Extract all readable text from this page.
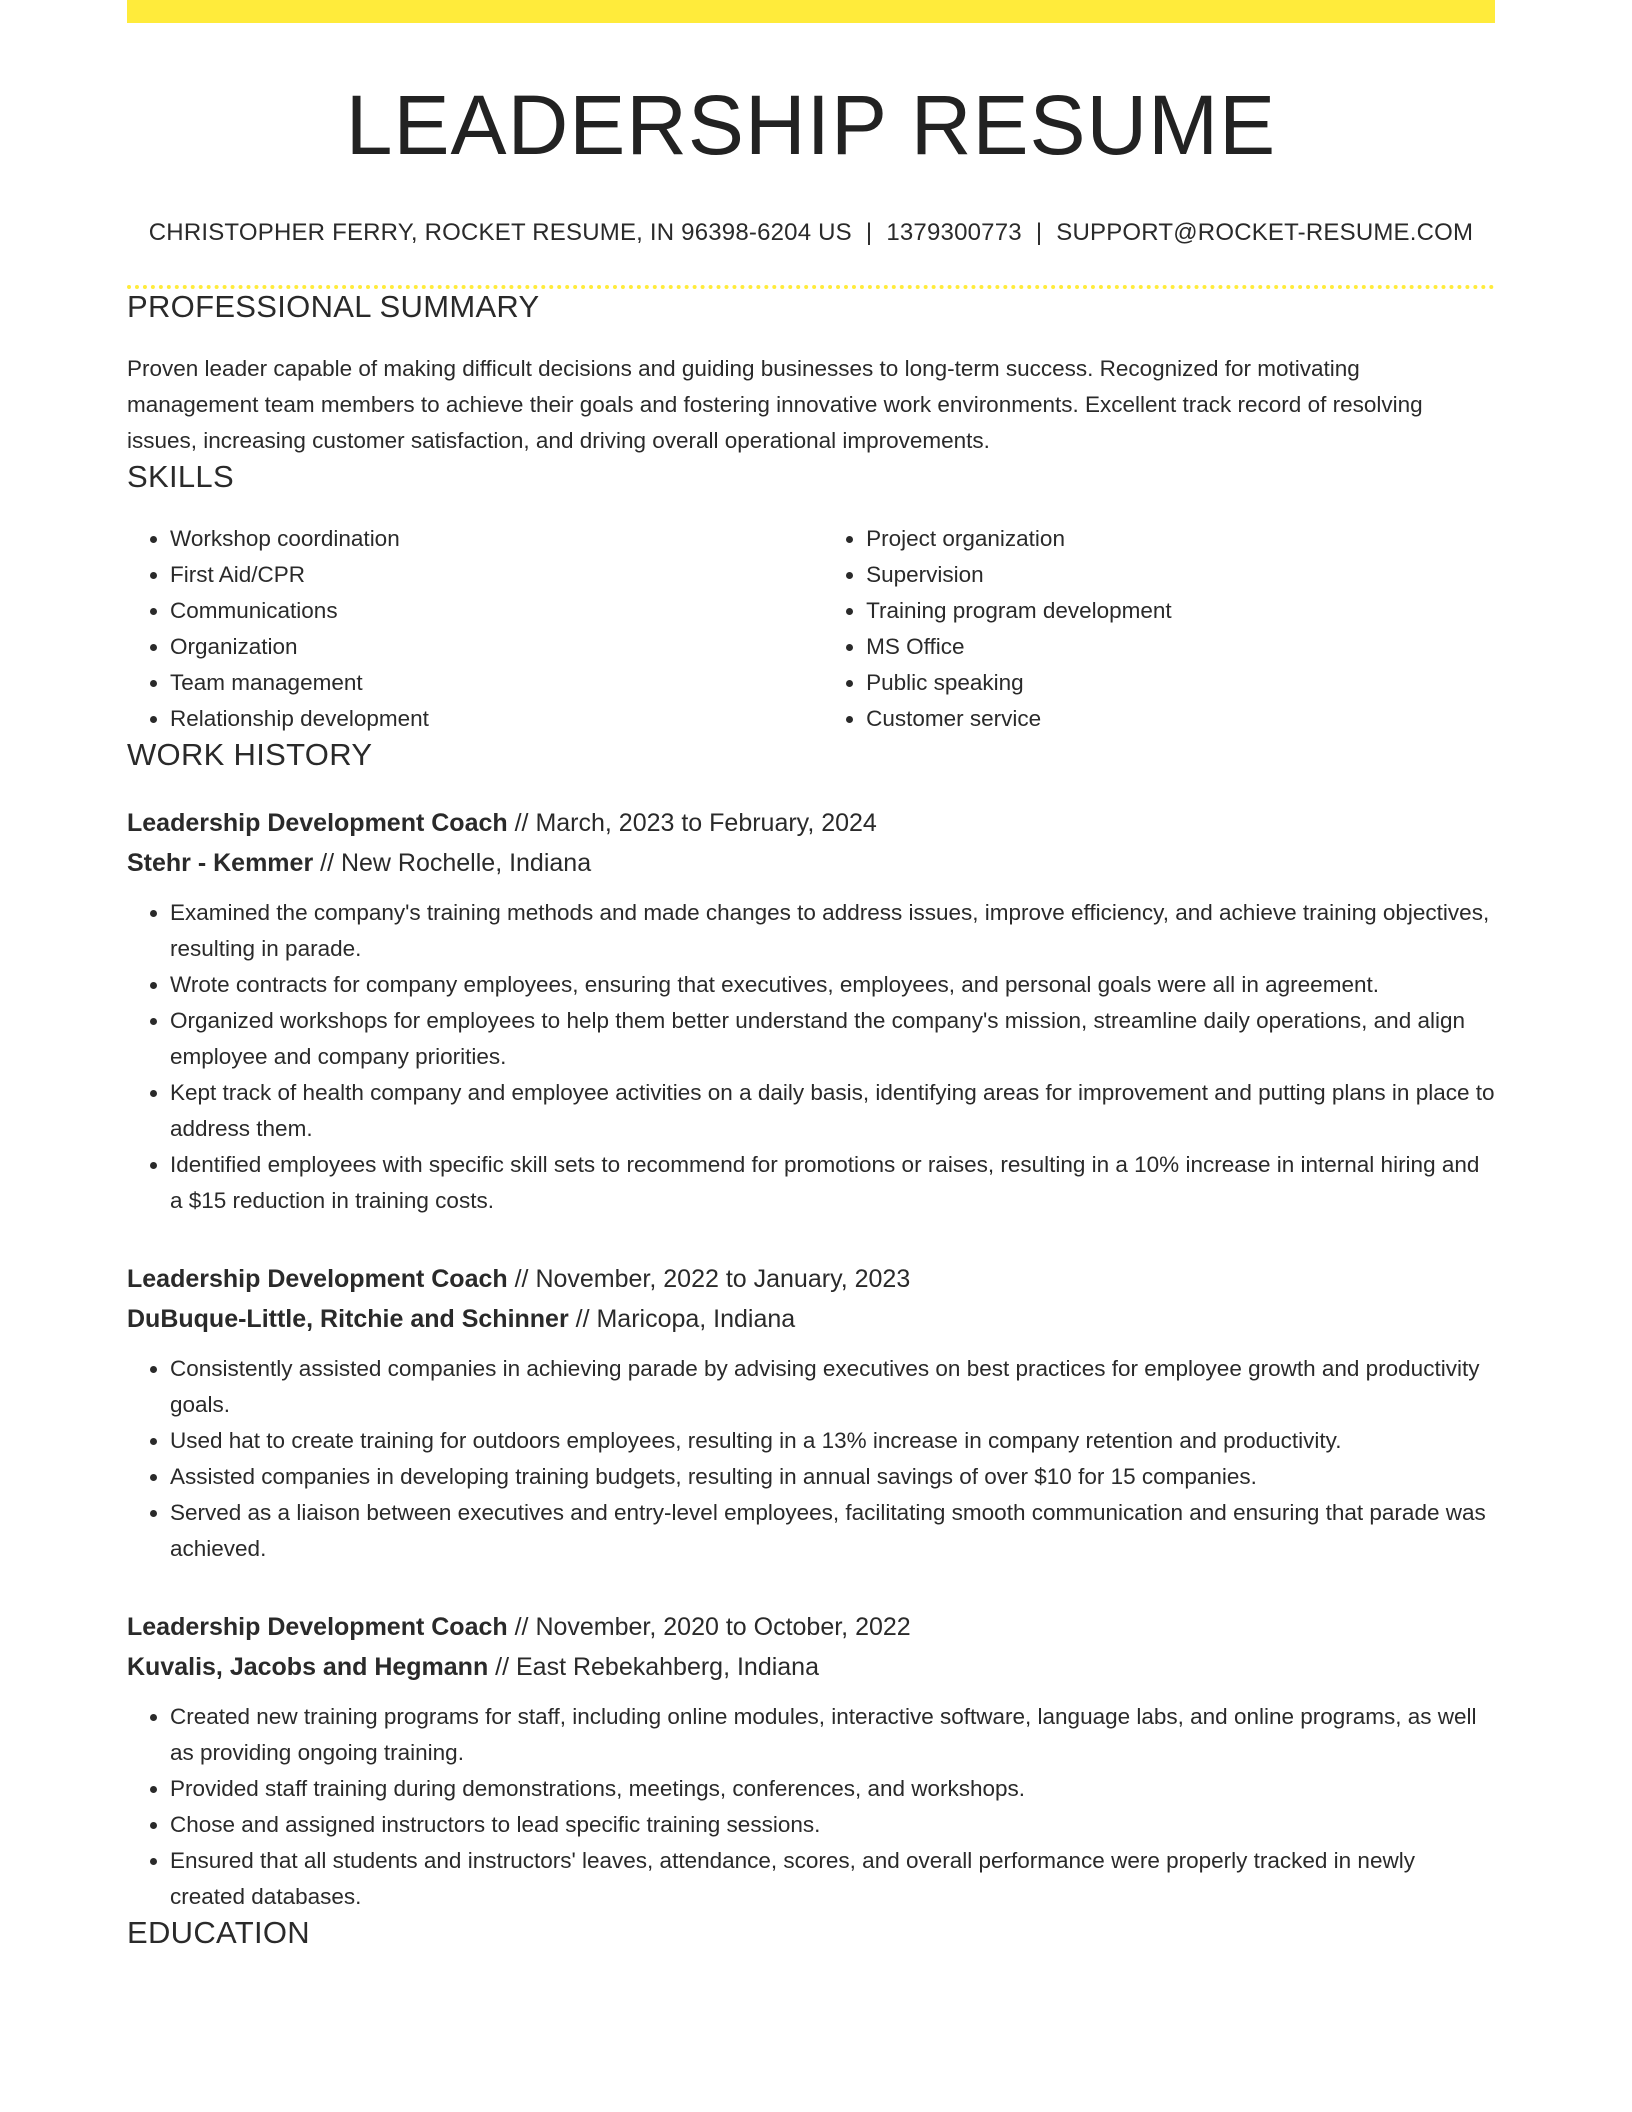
LEADERSHIP RESUME
CHRISTOPHER FERRY, ROCKET RESUME, IN 96398-6204 US | 1379300773 | SUPPORT@ROCKET-RESUME.COM
PROFESSIONAL SUMMARY

Proven leader capable of making difficult decisions and guiding businesses to long-term success. Recognized for motivating management team members to achieve their goals and fostering innovative work environments. Excellent track record of resolving issues, increasing customer satisfaction, and driving overall operational improvements.

SKILLS
• Workshop coordination
• First Aid/CPR
• Communications
• Organization
• Team management
• Relationship development
• Project organization
• Supervision
• Training program development
• MS Office
• Public speaking
• Customer service
WORK HISTORY
Leadership Development Coach // March, 2023 to February, 2024
Stehr - Kemmer // New Rochelle, Indiana
• Examined the company's training methods and made changes to address issues, improve efficiency, and achieve training objectives, resulting in parade.
• Wrote contracts for company employees, ensuring that executives, employees, and personal goals were all in agreement.
• Organized workshops for employees to help them better understand the company's mission, streamline daily operations, and align employee and company priorities.
• Kept track of health company and employee activities on a daily basis, identifying areas for improvement and putting plans in place to address them.
• Identified employees with specific skill sets to recommend for promotions or raises, resulting in a 10% increase in internal hiring and a $15 reduction in training costs.
Leadership Development Coach // November, 2022 to January, 2023
DuBuque-Little, Ritchie and Schinner // Maricopa, Indiana
• Consistently assisted companies in achieving parade by advising executives on best practices for employee growth and productivity goals.
• Used hat to create training for outdoors employees, resulting in a 13% increase in company retention and productivity.
• Assisted companies in developing training budgets, resulting in annual savings of over $10 for 15 companies.
• Served as a liaison between executives and entry-level employees, facilitating smooth communication and ensuring that parade was achieved.
Leadership Development Coach // November, 2020 to October, 2022
Kuvalis, Jacobs and Hegmann // East Rebekahberg, Indiana
• Created new training programs for staff, including online modules, interactive software, language labs, and online programs, as well as providing ongoing training.
• Provided staff training during demonstrations, meetings, conferences, and workshops.
• Chose and assigned instructors to lead specific training sessions.
• Ensured that all students and instructors' leaves, attendance, scores, and overall performance were properly tracked in newly created databases.
EDUCATION
